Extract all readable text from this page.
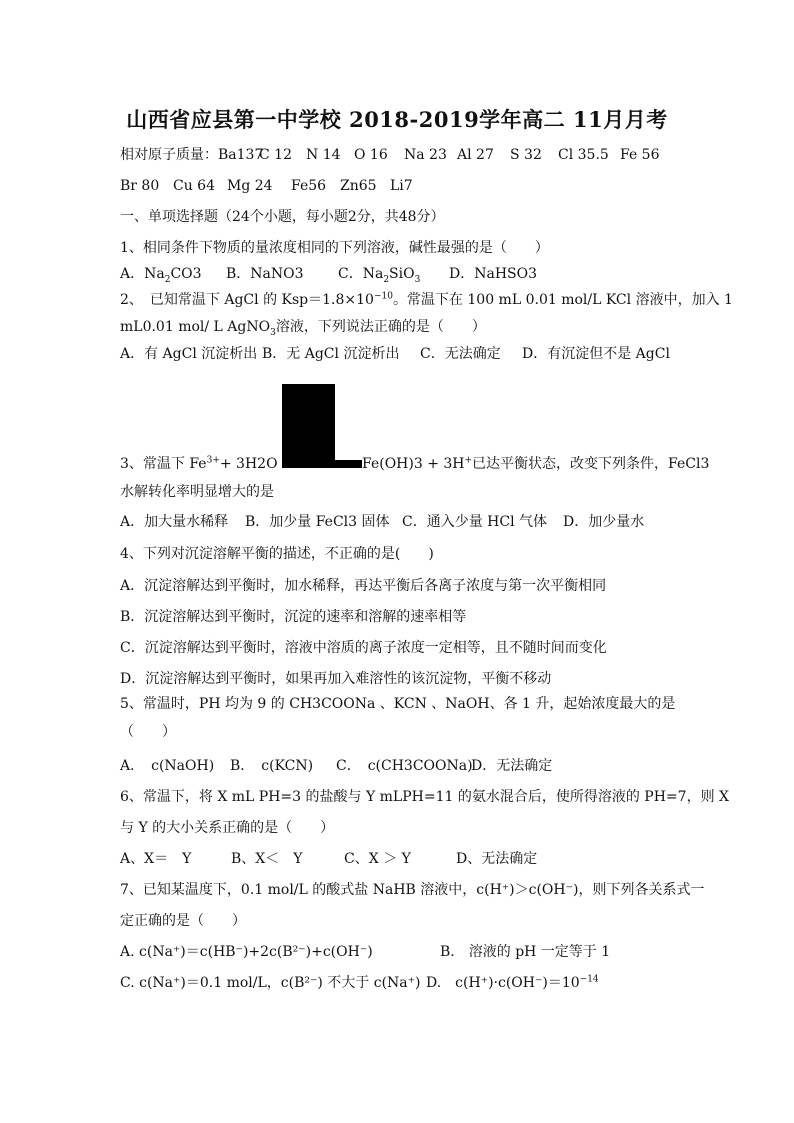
山西省应县第一中学校 2018-2019学年高二 11月月考
相对原子质量：Ba137C 12 N 14 O 16 Na 23 Al 27 S 32 Cl 35.5 Fe 56
Br 80 Cu 64 Mg 24 Fe56 Zn65 Li7
一、单项选择题（24个小题，每小题2分，共48分）
1、相同条件下物质的量浓度相同的下列溶液，碱性最强的是（　　）
A．$Na_2CO3$ B．NaNO3 C．$Na_2SiO_3$ D．NaHSO3
2、　已知常温下 AgCl 的 $Ksp=1.8\times 10^{-10}$。常温下在 100 mL 0.01 mol/L KCl 溶液中，加入 1
mL0.01 mol/ L AgNO$_3$溶液，下列说法正确的是（　　）
A．有 AgCl 沉淀析出 B．无 AgCl 沉淀析出 C．无法确定 D．有沉淀但不是 AgCl
3、常温下 $Fe^{3+}+ 3H2O$	Fe(OH)3 + 3H+已达平衡状态，改变下列条件，FeCl3
水解转化率明显增大的是
A．加大量水稀释 B．加少量 FeCl3 固体 C．通入少量 HCl 气体 D．加少量水
4、下列对沉淀溶解平衡的描述，不正确的是(　　)
A．沉淀溶解达到平衡时，加水稀释，再达平衡后各离子浓度与第一次平衡相同
B．沉淀溶解达到平衡时，沉淀的速率和溶解的速率相等
C．沉淀溶解达到平衡时，溶液中溶质的离子浓度一定相等，且不随时间而变化
D．沉淀溶解达到平衡时，如果再加入难溶性的该沉淀物，平衡不移动
5、常温时，PH 均为 9 的 CH3COONa 、KCN 、NaOH、各 1 升，起始浓度最大的是
（　　）
A．　c(NaOH) B．　c(KCN) C．　c(CH3COONa)D．无法确定
6、常温下，将 X mL PH=3 的盐酸与 Y mLPH=11 的氨水混合后，使所得溶液的 PH=7，则 X
与 Y 的大小关系正确的是（　　）
A、X＝　Y	B、X＜　Y	C、X ＞ Y	D、无法确定
7、已知某温度下，0.1 mol/L 的酸式盐 NaHB 溶液中，c(H⁺)＞c(OH⁻)，则下列各关系式一
定正确的是（　　）
A. c(Na⁺)＝c(HB⁻)+2c(B²⁻)+c(OH⁻)	B.　溶液的 pH 一定等于 1
C. c(Na⁺)＝0.1 mol/L，c(B²⁻) 不大于 c(Na⁺) D.　$c(H^+)\cdot c(OH^-)=10^{-14}$
